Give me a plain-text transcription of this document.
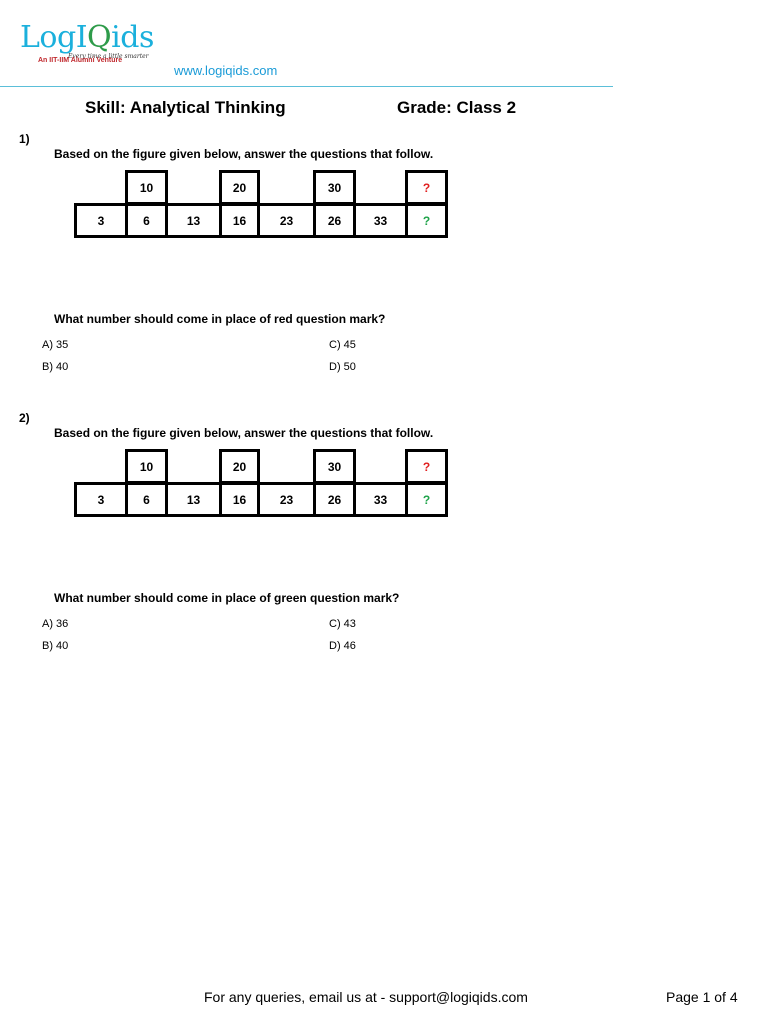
LogIQids
Every time a little smarter
An IIT-IIM Alumni Venture
www.logiqids.com
Skill: Analytical Thinking	Grade: Class 2
1)
Based on the figure given below, answer the questions that follow.
10	20	30	?
3	6	13	16	23	26	33	?
What number should come in place of red question mark?
A) 35
B) 40
C) 45
D) 50
2)
Based on the figure given below, answer the questions that follow.
10	20	30	?
3	6	13	16	23	26	33	?
What number should come in place of green question mark?
A) 36
B) 40
C) 43
D) 46
For any queries, email us at - support@logiqids.com	Page 1 of 4
